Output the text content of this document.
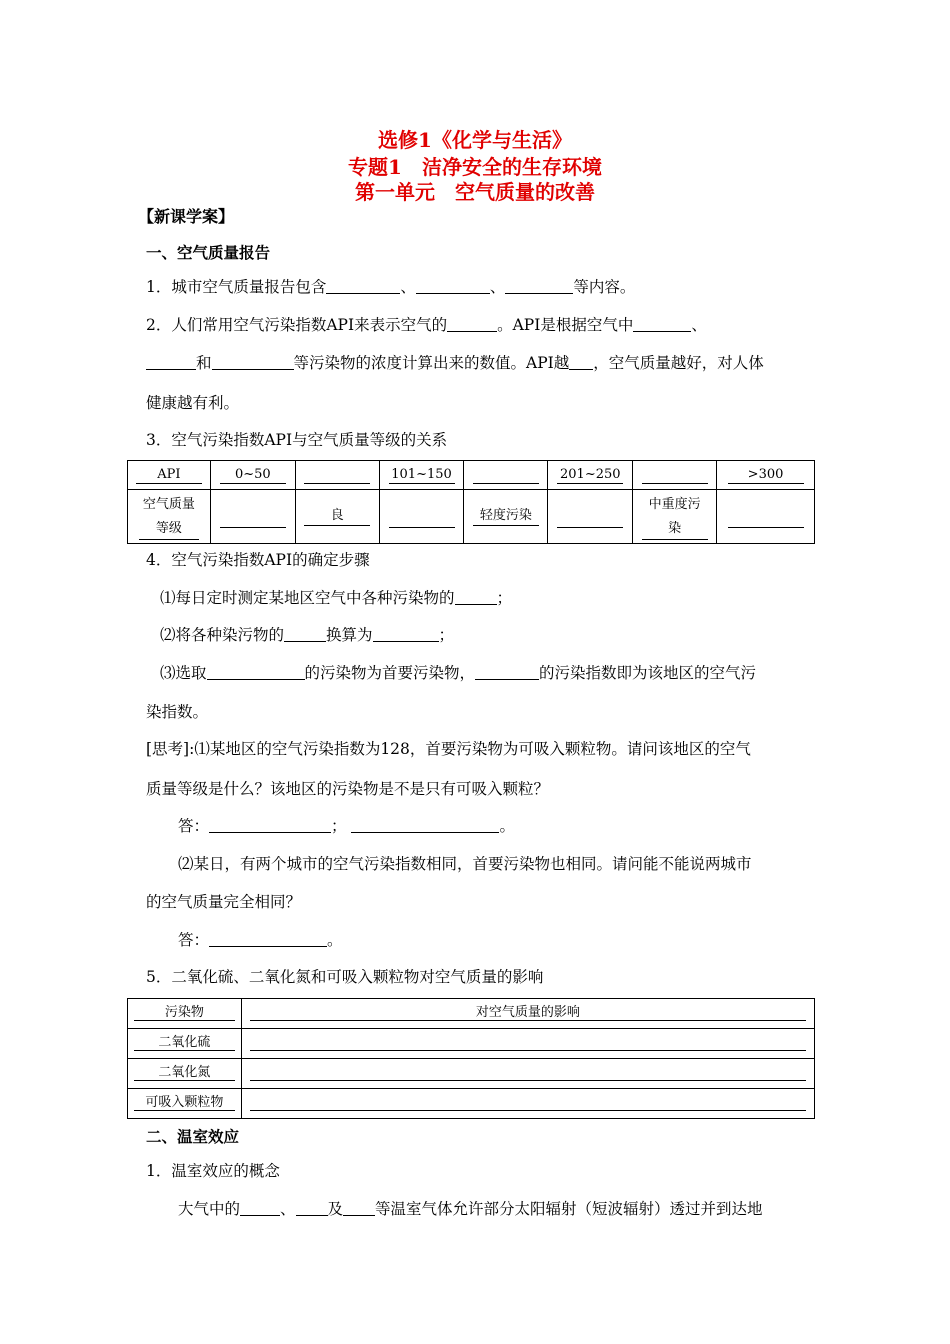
选修1《化学与生活》
专题1　洁净安全的生存环境
第一单元　空气质量的改善
【新课学案】
一、空气质量报告
1．城市空气质量报告包含	、	、	等内容。
2．人们常用空气污染指数API来表示空气的	。API是根据空气中	、
和	等污染物的浓度计算出来的数值。API越 ，空气质量越好，对人体
健康越有利。
3．空气污染指数API与空气质量等级的关系
API	0~50		101~150		201~250		>300

空气质量
等级		良		轻度污染		中重度污
染	
4．空气污染指数API的确定步骤
⑴每日定时测定某地区空气中各种污染物的	；
⑵将各种染污物的	换算为	；
⑶选取	的污染物为首要污染物，	的污染指数即为该地区的空气污
染指数。
[思考]:⑴某地区的空气污染指数为128，首要污染物为可吸入颗粒物。请问该地区的空气
质量等级是什么？该地区的污染物是不是只有可吸入颗粒？
答：	；	。
⑵某日，有两个城市的空气污染指数相同，首要污染物也相同。请问能不能说两城市
的空气质量完全相同？
答：	。
5．二氧化硫、二氧化氮和可吸入颗粒物对空气质量的影响
污染物	对空气质量的影响

二氧化硫	

二氧化氮	

可吸入颗粒物	

二、温室效应
1．温室效应的概念
大气中的	、 及 等温室气体允许部分太阳辐射（短波辐射）透过并到达地
